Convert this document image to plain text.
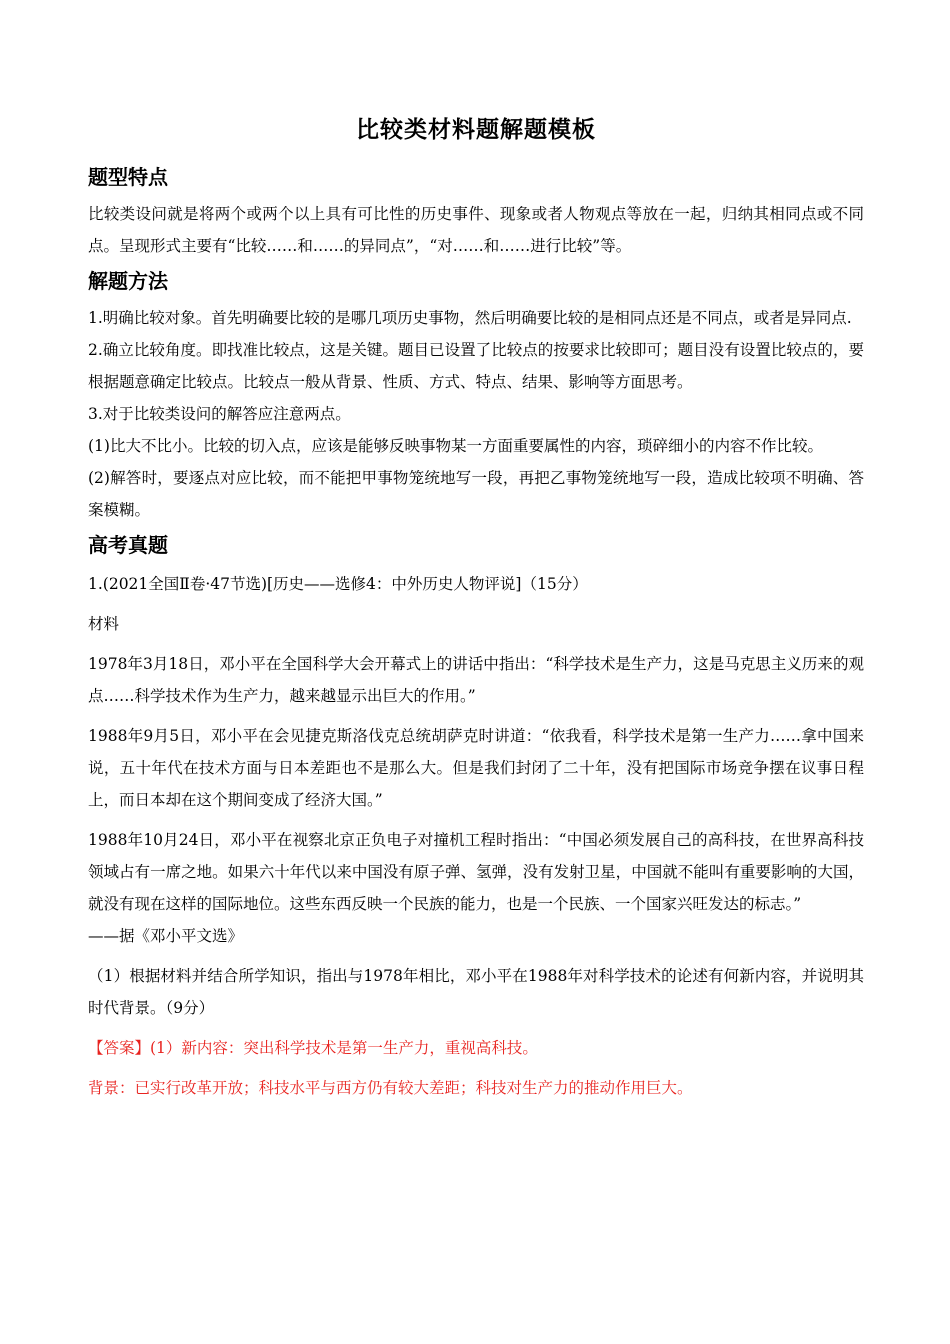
比较类材料题解题模板
题型特点

比较类设问就是将两个或两个以上具有可比性的历史事件、现象或者人物观点等放在一起，归纳其相同点或不同点。呈现形式主要有“比较……和……的异同点”，“对……和……进行比较”等。

解题方法

1.明确比较对象。首先明确要比较的是哪几项历史事物，然后明确要比较的是相同点还是不同点，或者是异同点.

2.确立比较角度。即找准比较点，这是关键。题目已设置了比较点的按要求比较即可；题目没有设置比较点的，要根据题意确定比较点。比较点一般从背景、性质、方式、特点、结果、影响等方面思考。

3.对于比较类设问的解答应注意两点。

(1)比大不比小。比较的切入点，应该是能够反映事物某一方面重要属性的内容，琐碎细小的内容不作比较。

(2)解答时，要逐点对应比较，而不能把甲事物笼统地写一段，再把乙事物笼统地写一段，造成比较项不明确、答案模糊。

高考真题

1.(2021全国Ⅱ卷·47节选)[历史——选修4：中外历史人物评说]（15分）

材料

1978年3月18日，邓小平在全国科学大会开幕式上的讲话中指出：“科学技术是生产力，这是马克思主义历来的观点……科学技术作为生产力，越来越显示出巨大的作用。”

1988年9月5日，邓小平在会见捷克斯洛伐克总统胡萨克时讲道：“依我看，科学技术是第一生产力……拿中国来说，五十年代在技术方面与日本差距也不是那么大。但是我们封闭了二十年，没有把国际市场竞争摆在议事日程上，而日本却在这个期间变成了经济大国。”

1988年10月24日，邓小平在视察北京正负电子对撞机工程时指出：“中国必须发展自己的高科技，在世界高科技领域占有一席之地。如果六十年代以来中国没有原子弹、氢弹，没有发射卫星，中国就不能叫有重要影响的大国，就没有现在这样的国际地位。这些东西反映一个民族的能力，也是一个民族、一个国家兴旺发达的标志。”

——据《邓小平文选》

（1）根据材料并结合所学知识，指出与1978年相比，邓小平在1988年对科学技术的论述有何新内容，并说明其时代背景。（9分）

【答案】(1）新内容：突出科学技术是第一生产力，重视高科技。

背景：已实行改革开放；科技水平与西方仍有较大差距；科技对生产力的推动作用巨大。
